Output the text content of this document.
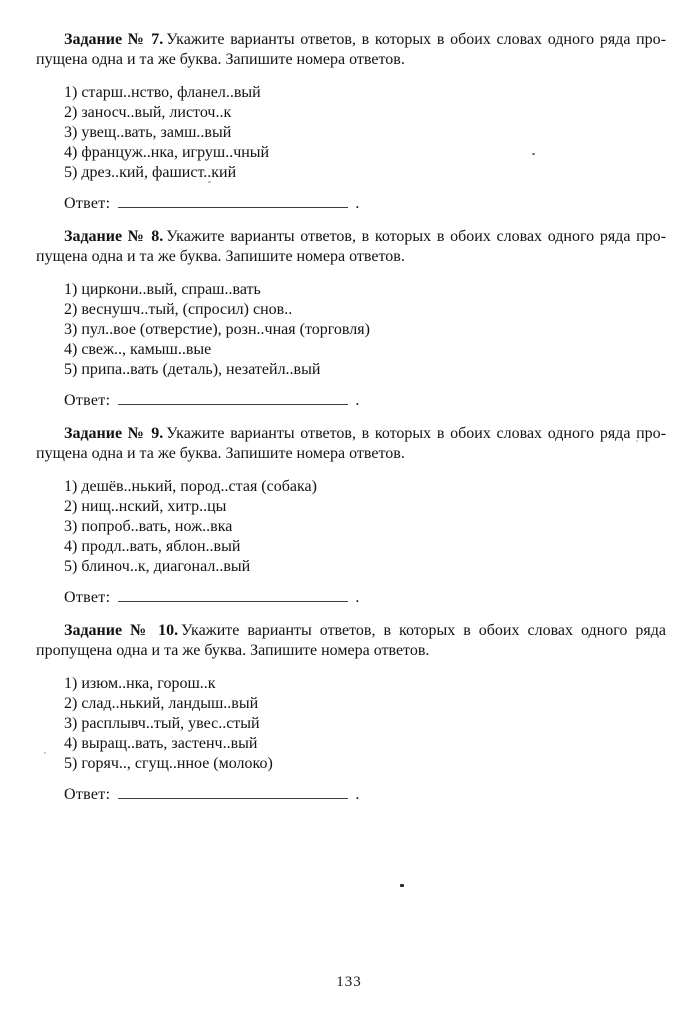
Задание № 7. Укажите варианты ответов, в которых в обоих словах одного ряда пропущена одна и та же буква. Запишите номера ответов.

1) старш..нство, фланел..вый
2) заносч..вый, листоч..к
3) увещ..вать, замш..вый
4) француж..нка, игруш..чный
5) дрез..кий, фашист..кий

Ответ:	.

Задание № 8. Укажите варианты ответов, в которых в обоих словах одного ряда пропущена одна и та же буква. Запишите номера ответов.

1) циркони..вый, спраш..вать
2) веснушч..тый, (спросил) снов..
3) пул..вое (отверстие), розн..чная (торговля)
4) свеж.., камыш..вые
5) припа..вать (деталь), незатейл..вый

Ответ:	.

Задание № 9. Укажите варианты ответов, в которых в обоих словах одного ряда пропущена одна и та же буква. Запишите номера ответов.

1) дешёв..нький, пород..стая (собака)
2) нищ..нский, хитр..цы
3) попроб..вать, нож..вка
4) продл..вать, яблон..вый
5) блиноч..к, диагонал..вый

Ответ:	.

Задание № 10. Укажите варианты ответов, в которых в обоих словах одного ряда пропущена одна и та же буква. Запишите номера ответов.

1) изюм..нка, горош..к
2) слад..нький, ландыш..вый
3) расплывч..тый, увес..стый
4) выращ..вать, застенч..вый
5) горяч.., сгущ..нное (молоко)

Ответ:	.

133
